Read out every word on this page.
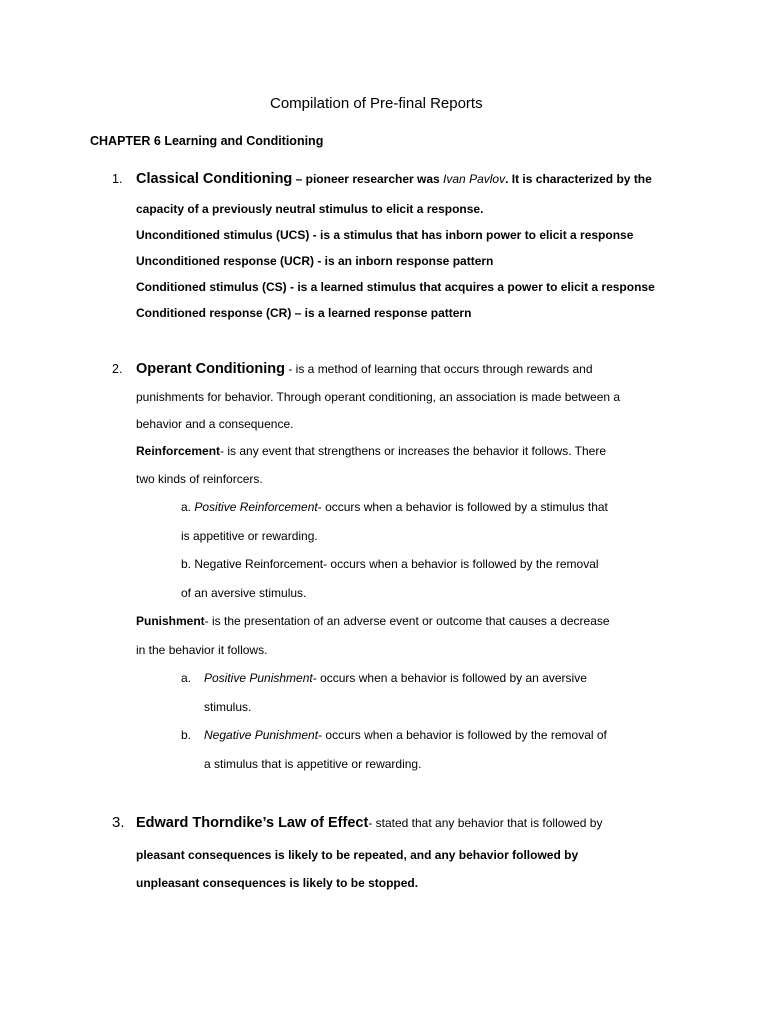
Compilation of Pre-final Reports
CHAPTER 6 Learning and Conditioning
1. Classical Conditioning – pioneer researcher was Ivan Pavlov. It is characterized by the
capacity of a previously neutral stimulus to elicit a response.
Unconditioned stimulus (UCS) - is a stimulus that has inborn power to elicit a response
Unconditioned response (UCR) - is an inborn response pattern
Conditioned stimulus (CS) - is a learned stimulus that acquires a power to elicit a response
Conditioned response (CR) – is a learned response pattern
2. Operant Conditioning - is a method of learning that occurs through rewards and
punishments for behavior. Through operant conditioning, an association is made between a
behavior and a consequence.
Reinforcement- is any event that strengthens or increases the behavior it follows. There
two kinds of reinforcers.
a. Positive Reinforcement- occurs when a behavior is followed by a stimulus that
is appetitive or rewarding.
b. Negative Reinforcement- occurs when a behavior is followed by the removal
of an aversive stimulus.
Punishment- is the presentation of an adverse event or outcome that causes a decrease
in the behavior it follows.
a. Positive Punishment- occurs when a behavior is followed by an aversive
stimulus.
b. Negative Punishment- occurs when a behavior is followed by the removal of
a stimulus that is appetitive or rewarding.
3. Edward Thorndike’s Law of Effect- stated that any behavior that is followed by
pleasant consequences is likely to be repeated, and any behavior followed by
unpleasant consequences is likely to be stopped.
